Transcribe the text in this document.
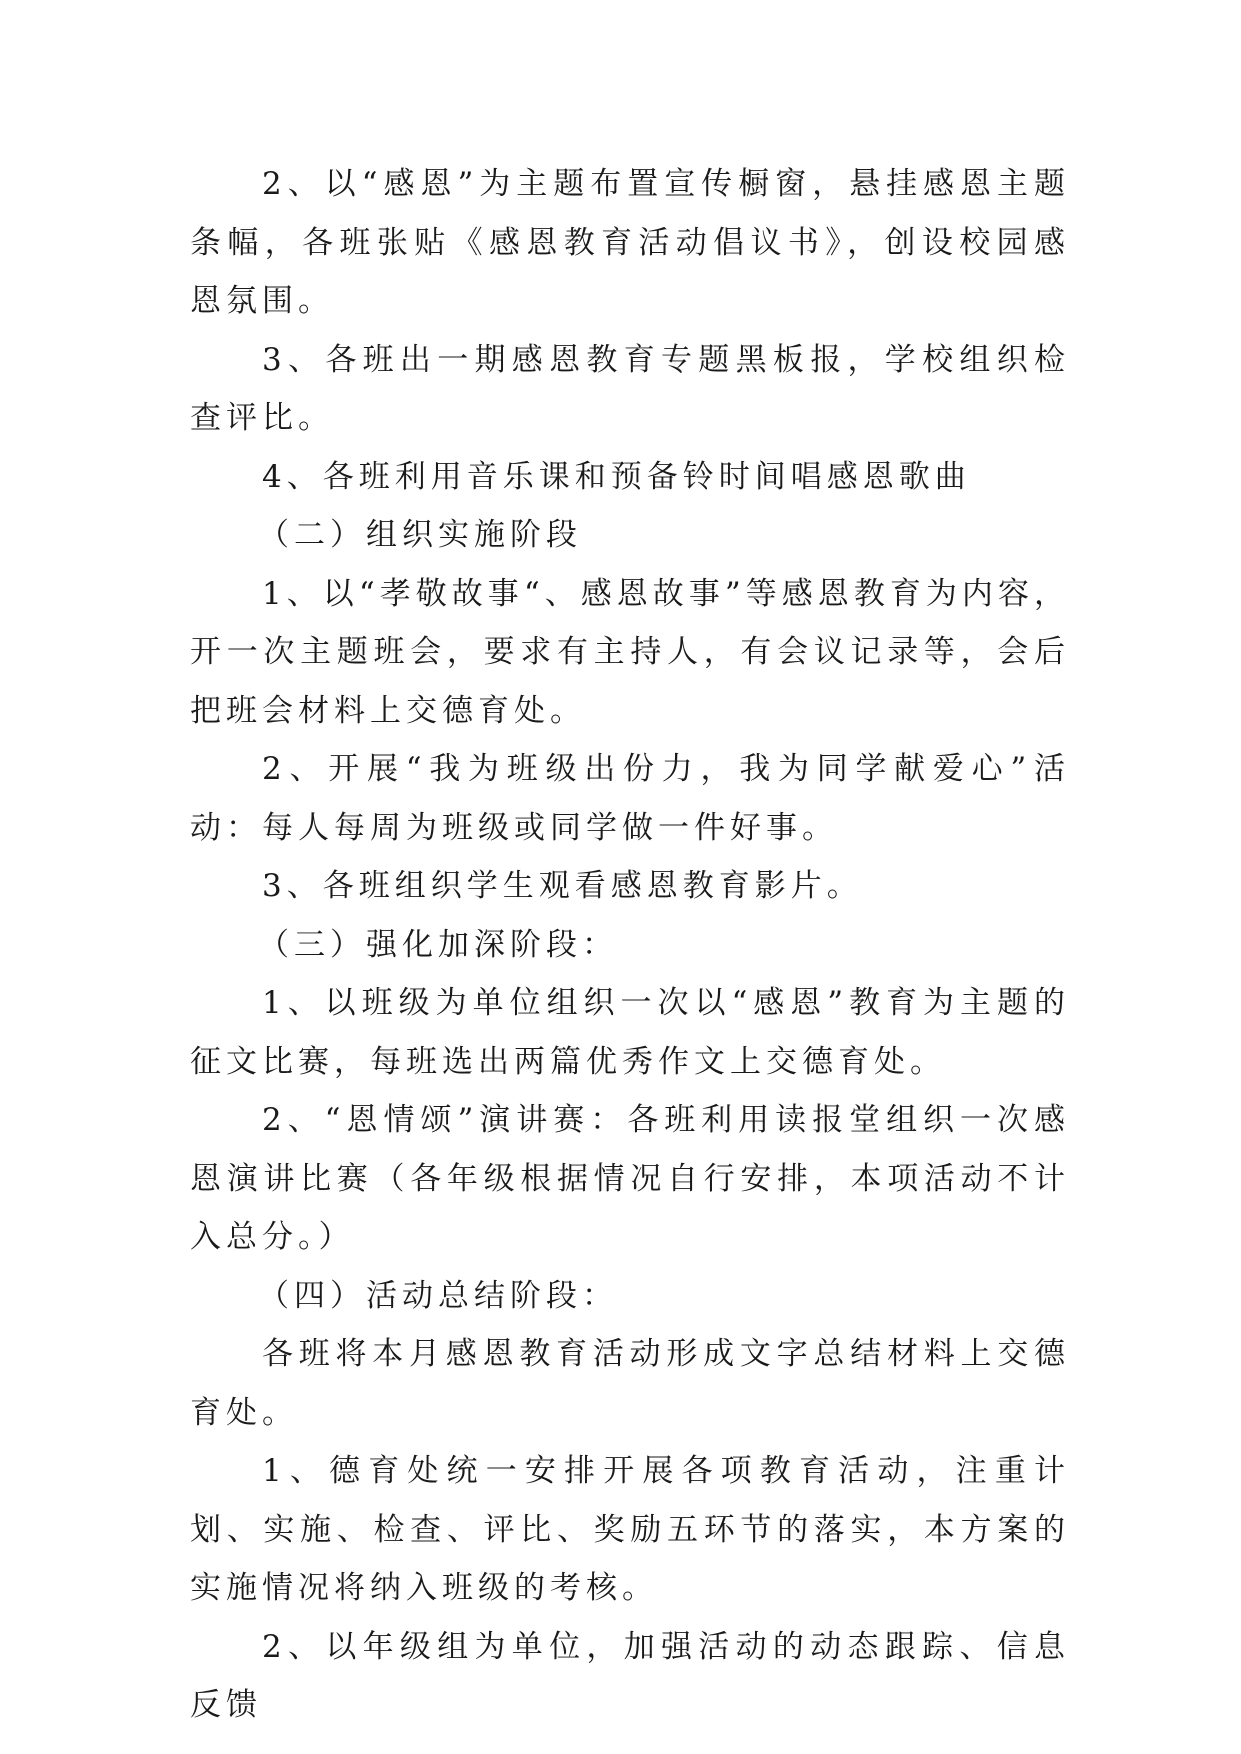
2、以“感恩”为主题布置宣传橱窗，悬挂感恩主题条幅，各班张贴《感恩教育活动倡议书》，创设校园感恩氛围。

3、各班出一期感恩教育专题黑板报，学校组织检查评比。

4、各班利用音乐课和预备铃时间唱感恩歌曲

（二）组织实施阶段

1、以“孝敬故事“、感恩故事”等感恩教育为内容，开一次主题班会，要求有主持人，有会议记录等，会后把班会材料上交德育处。

2、开展“我为班级出份力，我为同学献爱心”活动：每人每周为班级或同学做一件好事。

3、各班组织学生观看感恩教育影片。

（三）强化加深阶段：

1、以班级为单位组织一次以“感恩”教育为主题的征文比赛，每班选出两篇优秀作文上交德育处。

2、“恩情颂”演讲赛：各班利用读报堂组织一次感恩演讲比赛（各年级根据情况自行安排，本项活动不计入总分。）

（四）活动总结阶段：

各班将本月感恩教育活动形成文字总结材料上交德育处。

1、德育处统一安排开展各项教育活动，注重计划、实施、检查、评比、奖励五环节的落实，本方案的实施情况将纳入班级的考核。

2、以年级组为单位，加强活动的动态跟踪、信息反馈
